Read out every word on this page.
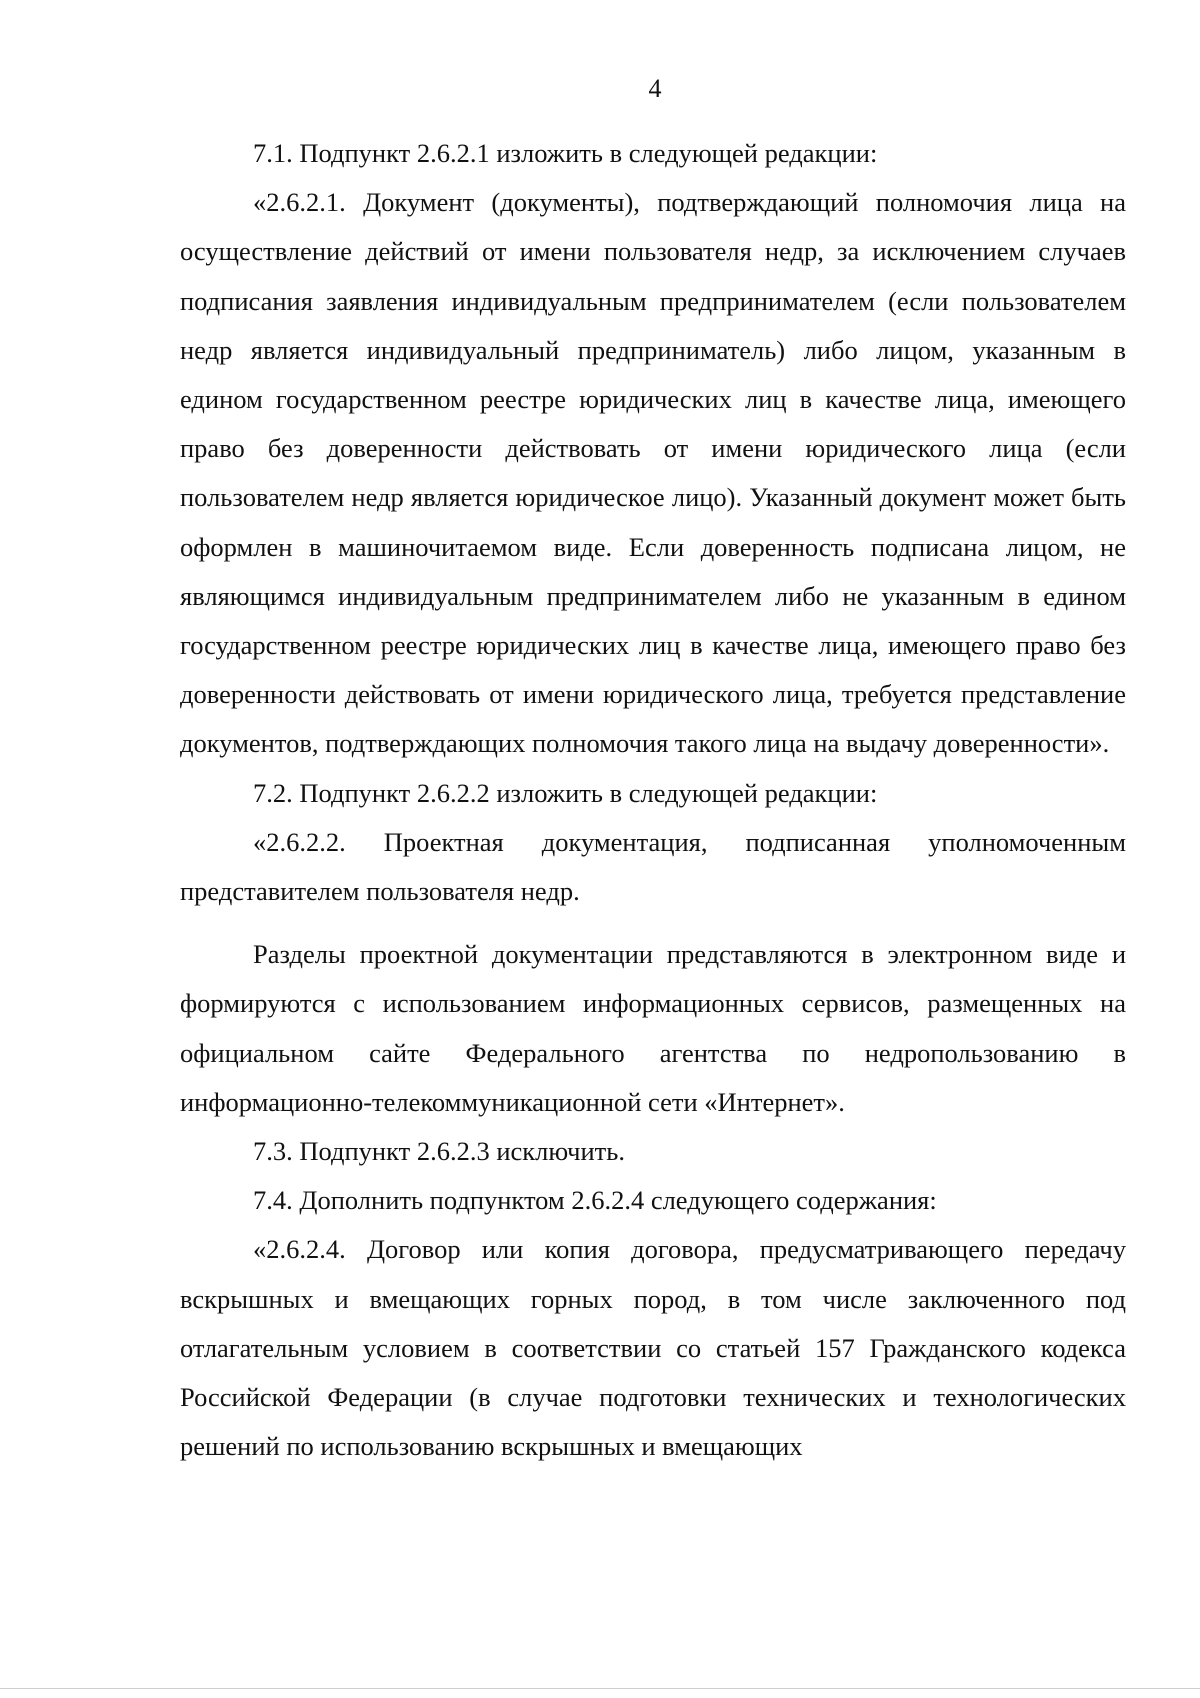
4

7.1. Подпункт 2.6.2.1 изложить в следующей редакции:

«2.6.2.1. Документ (документы), подтверждающий полномочия лица на осуществление действий от имени пользователя недр, за исключением случаев подписания заявления индивидуальным предпринимателем (если пользователем недр является индивидуальный предприниматель) либо лицом, указанным в едином государственном реестре юридических лиц в качестве лица, имеющего право без доверенности действовать от имени юридического лица (если пользователем недр является юридическое лицо). Указанный документ может быть оформлен в машиночитаемом виде. Если доверенность подписана лицом, не являющимся индивидуальным предпринимателем либо не указанным в едином государственном реестре юридических лиц в качестве лица, имеющего право без доверенности действовать от имени юридического лица, требуется представление документов, подтверждающих полномочия такого лица на выдачу доверенности».

7.2. Подпункт 2.6.2.2 изложить в следующей редакции:

«2.6.2.2. Проектная документация, подписанная уполномоченным представителем пользователя недр.

Разделы проектной документации представляются в электронном виде и формируются с использованием информационных сервисов, размещенных на официальном сайте Федерального агентства по недропользованию в информационно-телекоммуникационной сети «Интернет».

7.3. Подпункт 2.6.2.3 исключить.

7.4. Дополнить подпунктом 2.6.2.4 следующего содержания:

«2.6.2.4. Договор или копия договора, предусматривающего передачу вскрышных и вмещающих горных пород, в том числе заключенного под отлагательным условием в соответствии со статьей 157 Гражданского кодекса Российской Федерации (в случае подготовки технических и технологических решений по использованию вскрышных и вмещающих
